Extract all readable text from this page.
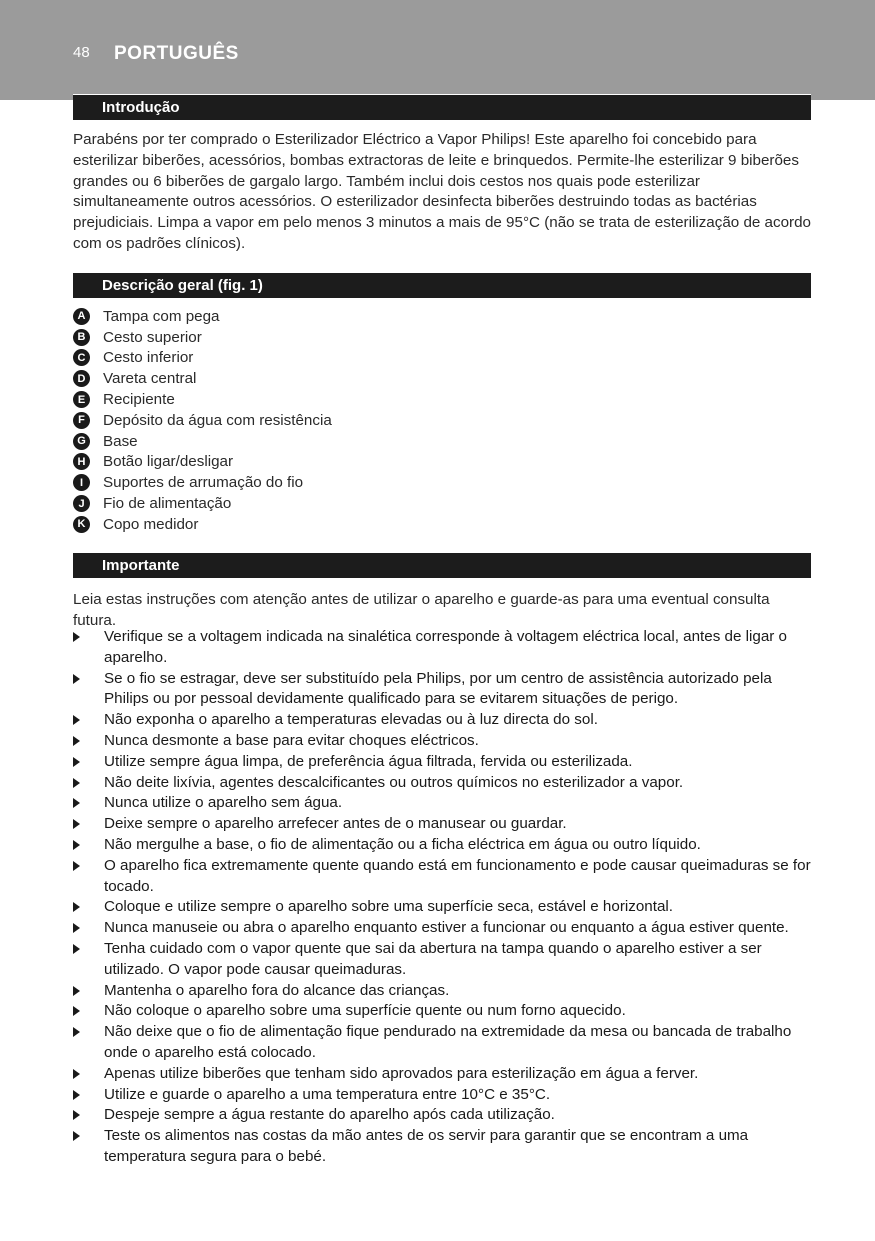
48 PORTUGUÊS
Introdução

Parabéns por ter comprado o Esterilizador Eléctrico a Vapor Philips! Este aparelho foi concebido para esterilizar biberões, acessórios, bombas extractoras de leite e brinquedos. Permite-lhe esterilizar 9 biberões grandes ou 6 biberões de gargalo largo. Também inclui dois cestos nos quais pode esterilizar simultaneamente outros acessórios. O esterilizador desinfecta biberões destruindo todas as bactérias prejudiciais. Limpa a vapor em pelo menos 3 minutos a mais de 95°C (não se trata de esterilização de acordo com os padrões clínicos).

Descrição geral (fig. 1)
A Tampa com pega
B Cesto superior
C Cesto inferior
D Vareta central
E	Recipiente
F	Depósito da água com resistência
G Base
H Botão ligar/desligar
I	Suportes de arrumação do fio
J	Fio de alimentação
K Copo medidor
Importante

Leia estas instruções com atenção antes de utilizar o aparelho e guarde-as para uma eventual consulta futura.

Verifique se a voltagem indicada na sinalética corresponde à voltagem eléctrica local, antes de ligar o aparelho.
Se o fio se estragar, deve ser substituído pela Philips, por um centro de assistência autorizado pela Philips ou por pessoal devidamente qualificado para se evitarem situações de perigo.
Não exponha o aparelho a temperaturas elevadas ou à luz directa do sol.
Nunca desmonte a base para evitar choques eléctricos.
Utilize sempre água limpa, de preferência água filtrada, fervida ou esterilizada.
Não deite lixívia, agentes descalcificantes ou outros químicos no esterilizador a vapor.
Nunca utilize o aparelho sem água.
Deixe sempre o aparelho arrefecer antes de o manusear ou guardar.
Não mergulhe a base, o fio de alimentação ou a ficha eléctrica em água ou outro líquido.
O aparelho fica extremamente quente quando está em funcionamento e pode causar queimaduras se for tocado.
Coloque e utilize sempre o aparelho sobre uma superfície seca, estável e horizontal.
Nunca manuseie ou abra o aparelho enquanto estiver a funcionar ou enquanto a água estiver quente.
Tenha cuidado com o vapor quente que sai da abertura na tampa quando o aparelho estiver a ser utilizado. O vapor pode causar queimaduras.
Mantenha o aparelho fora do alcance das crianças.
Não coloque o aparelho sobre uma superfície quente ou num forno aquecido.
Não deixe que o fio de alimentação fique pendurado na extremidade da mesa ou bancada de trabalho onde o aparelho está colocado.
Apenas utilize biberões que tenham sido aprovados para esterilização em água a ferver.
Utilize e guarde o aparelho a uma temperatura entre 10°C e 35°C.
Despeje sempre a água restante do aparelho após cada utilização.
Teste os alimentos nas costas da mão antes de os servir para garantir que se encontram a uma temperatura segura para o bebé.
